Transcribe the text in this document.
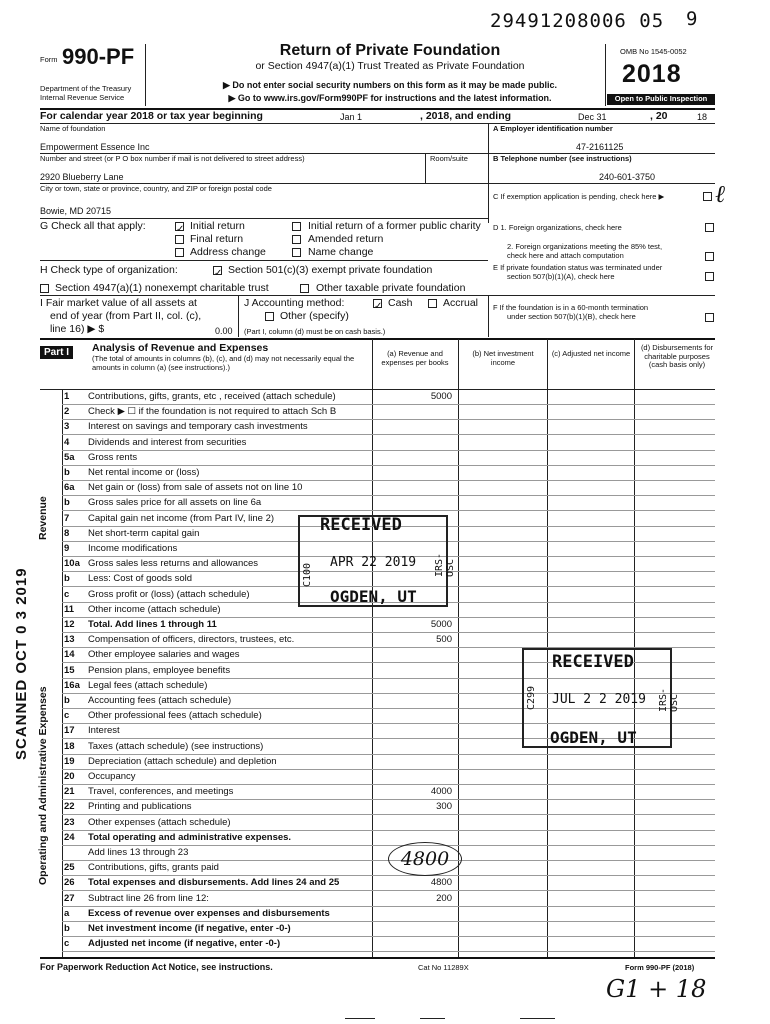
29491208006 05 9
Form 990-PF
Department of the Treasury
Internal Revenue Service
Return of Private Foundation
or Section 4947(a)(1) Trust Treated as Private Foundation
▶ Do not enter social security numbers on this form as it may be made public.
▶ Go to www.irs.gov/Form990PF for instructions and the latest information.
OMB No 1545-0052
2018
Open to Public Inspection
For calendar year 2018 or tax year beginning	Jan 1	, 2018, and ending	Dec 31	, 20	18
Name of foundation
Empowerment Essence Inc
A Employer identification number
47-2161125
Number and street (or P O box number if mail is not delivered to street address)	Room/suite	B Telephone number (see instructions)
2920 Blueberry Lane	240-601-3750
City or town, state or province, country, and ZIP or foreign postal code
C If exemption application is pending, check here ▶ ℓ
Bowie, MD 20715
G Check all that apply: ✓	Initial return	Initial return of a former public charity
Final return	Amended return
Address change	Name change
D 1. Foreign organizations, check here
2. Foreign organizations meeting the 85% test,
check here and attach computation
E If private foundation status was terminated under
section 507(b)(1)(A), check here
H Check type of organization: ✓	Section 501(c)(3) exempt private foundation
Section 4947(a)(1) nonexempt charitable trust	Other taxable private foundation
I Fair market value of all assets at
end of year (from Part II, col. (c),
line 16) ▶ $	0.00
J Accounting method: ✓	Cash	Accrual
Other (specify)
(Part I, column (d) must be on cash basis.)
F If the foundation is in a 60-month termination
under section 507(b)(1)(B), check here
Part I	Analysis of Revenue and Expenses
(The total of amounts in columns (b), (c), and (d) may not necessarily equal the amounts in column (a) (see instructions).)
(a) Revenue and expenses per books
(b) Net investment income
(c) Adjusted net income
(d) Disbursements for charitable purposes (cash basis only)
Revenue
Operating and Administrative Expenses
SCANNED OCT 0 3 2019
1	Contributions, gifts, grants, etc , received (attach schedule)	5000
2	Check ▶ ☐ if the foundation is not required to attach Sch B
3	Interest on savings and temporary cash investments
4	Dividends and interest from securities
5a	Gross rents
b	Net rental income or (loss)
6a	Net gain or (loss) from sale of assets not on line 10
b	Gross sales price for all assets on line 6a
7	Capital gain net income (from Part IV, line 2)
8	Net short-term capital gain
9	Income modifications
10a Gross sales less returns and allowances
b	Less: Cost of goods sold
c	Gross profit or (loss) (attach schedule)
11	Other income (attach schedule)
12	Total. Add lines 1 through 11	5000
13	Compensation of officers, directors, trustees, etc.	500
14	Other employee salaries and wages
15	Pension plans, employee benefits
16a Legal fees (attach schedule)
b	Accounting fees (attach schedule)
c	Other professional fees (attach schedule)
17	Interest
18	Taxes (attach schedule) (see instructions)
19	Depreciation (attach schedule) and depletion
20	Occupancy
21	Travel, conferences, and meetings	4000
22	Printing and publications	300
23	Other expenses (attach schedule)
24	Total operating and administrative expenses.
Add lines 13 through 23
25	Contributions, gifts, grants paid
26	Total expenses and disbursements. Add lines 24 and 25	4800
27	Subtract line 26 from line 12:	200
a	Excess of revenue over expenses and disbursements
b	Net investment income (if negative, enter -0-)
c	Adjusted net income (if negative, enter -0-)
RECEIVED
APR 22 2019
C100	IRS-OSC
OGDEN, UT
RECEIVED
JUL 2 2 2019
C299	IRS-OSC
OGDEN, UT
4800
For Paperwork Reduction Act Notice, see instructions.	Cat No 11289X	Form 990-PF (2018)
G1 + 18
